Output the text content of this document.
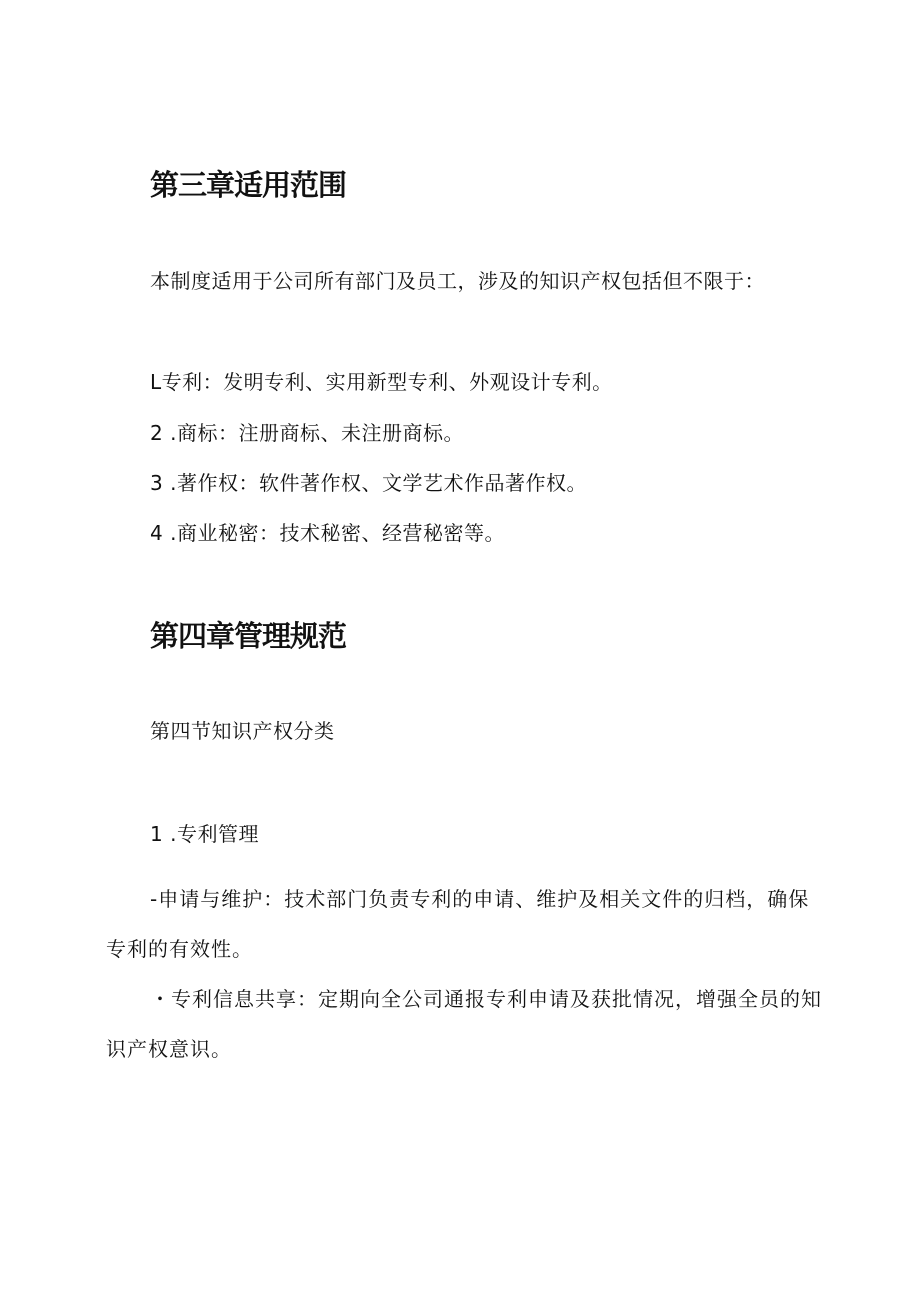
第三章适用范围
本制度适用于公司所有部门及员工，涉及的知识产权包括但不限于：
L专利：发明专利、实用新型专利、外观设计专利。
2 .商标：注册商标、未注册商标。
3 .著作权：软件著作权、文学艺术作品著作权。
4 .商业秘密：技术秘密、经营秘密等。
第四章管理规范
第四节知识产权分类
1 .专利管理
-申请与维护：技术部门负责专利的申请、维护及相关文件的归档，确保专利的有效性。
・专利信息共享：定期向全公司通报专利申请及获批情况，增强全员的知识产权意识。
